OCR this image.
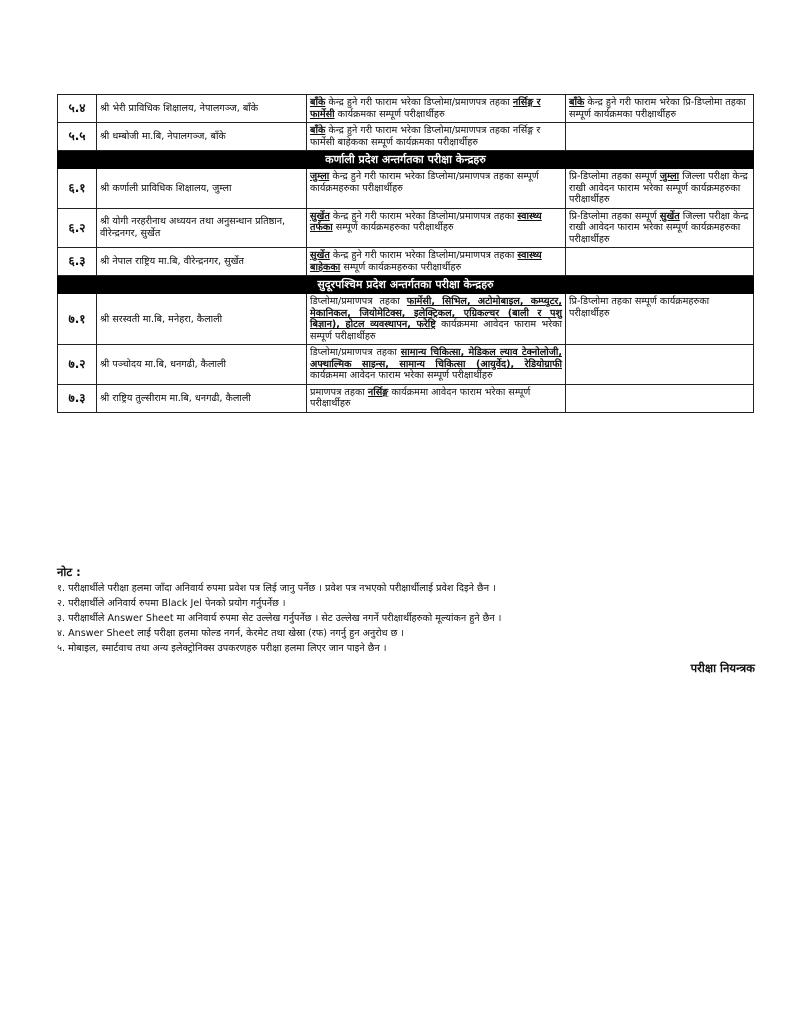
५.४	श्री भेरी प्राविधिक शिक्षालय, नेपालगञ्ज, बाँके	बाँके केन्द्र हुने गरी फाराम भरेका डिप्लोमा/प्रमाणपत्र तहका नर्सिङ्ग र फार्मेसी कार्यक्रमका सम्पूर्ण परीक्षार्थीहरु	बाँके केन्द्र हुने गरी फाराम भरेका प्रि-डिप्लोमा तहका सम्पूर्ण कार्यक्रमका परीक्षार्थीहरु
५.५	श्री धम्बोजी मा.बि, नेपालगञ्ज, बाँके	बाँके केन्द्र हुने गरी फाराम भरेका डिप्लोमा/प्रमाणपत्र तहका नर्सिङ्ग र फार्मेसी बाहेकका सम्पूर्ण कार्यक्रमका परीक्षार्थीहरु	
कर्णाली प्रदेश अन्तर्गतका परीक्षा केन्द्रहरु			
६.१	श्री कर्णाली प्राविधिक शिक्षालय, जुम्ला	जुम्ला केन्द्र हुने गरी फाराम भरेका डिप्लोमा/प्रमाणपत्र तहका सम्पूर्ण कार्यक्रमहरुका परीक्षार्थीहरु	प्रि-डिप्लोमा तहका सम्पूर्ण जुम्ला जिल्ला परीक्षा केन्द्र राखी आवेदन फाराम भरेका सम्पूर्ण कार्यक्रमहरुका परीक्षार्थीहरु
६.२	श्री योगी नरहरीनाथ अध्ययन तथा अनुसन्धान प्रतिष्ठान, वीरेन्द्रनगर, सुर्खेत	सुर्खेत केन्द्र हुने गरी फाराम भरेका डिप्लोमा/प्रमाणपत्र तहका स्वास्थ्य तर्फका सम्पूर्ण कार्यक्रमहरुका परीक्षार्थीहरु	प्रि-डिप्लोमा तहका सम्पूर्ण सुर्खेत जिल्ला परीक्षा केन्द्र राखी आवेदन फाराम भरेका सम्पूर्ण कार्यक्रमहरुका परीक्षार्थीहरु
६.३	श्री नेपाल राष्ट्रिय मा.बि, वीरेन्द्रनगर, सुर्खेत	सुर्खेत केन्द्र हुने गरी फाराम भरेका डिप्लोमा/प्रमाणपत्र तहका स्वास्थ्य बाहेकका सम्पूर्ण कार्यक्रमहरुका परीक्षार्थीहरु	
सुदूरपश्चिम प्रदेश अन्तर्गतका परीक्षा केन्द्रहरु			
७.१	श्री सरस्वती मा.बि, मनेहरा, कैलाली	डिप्लोमा/प्रमाणपत्र तहका फार्मेसी, सिभिल, अटोमोबाइल, कम्प्युटर, मेकानिकल, जियोमेटिक्स, इलेक्ट्रिकल, एग्रिकल्चर (बाली र पशु बिज्ञान), होटल व्यवस्थापन, फरेष्ट्रि कार्यक्रममा आवेदन फाराम भरेका सम्पूर्ण परीक्षार्थीहरु	प्रि-डिप्लोमा तहका सम्पूर्ण कार्यक्रमहरुका परीक्षार्थीहरु
७.२	श्री पञ्चोदय मा.बि, धनगढी, कैलाली	डिप्लोमा/प्रमाणपत्र तहका सामान्य चिकित्सा, मेडिकल ल्याव टेक्नोलोजी, अफ्थाल्मिक साइन्स, सामान्य चिकित्सा (आयुर्वेद), रेडियोग्राफी कार्यक्रममा आवेदन फाराम भरेका सम्पूर्ण परीक्षार्थीहरु	
७.३	श्री राष्ट्रिय तुल्सीराम मा.बि, धनगढी, कैलाली	प्रमाणपत्र तहका नर्सिङ्ग कार्यक्रममा आवेदन फाराम भरेका सम्पूर्ण परीक्षार्थीहरु	
नोट :
१. परीक्षार्थीले परीक्षा हलमा जाँदा अनिवार्य रुपमा प्रवेश पत्र लिई जानु पर्नेछ । प्रवेश पत्र नभएको परीक्षार्थीलाई प्रवेश दिइने छैन ।
२. परीक्षार्थीले अनिवार्य रुपमा Black Jel पेनको प्रयोग गर्नुपर्नेछ ।
३. परीक्षार्थीले Answer Sheet मा अनिवार्य रुपमा सेट उल्लेख गर्नुपर्नेछ । सेट उल्लेख नगर्ने परीक्षार्थीहरुको मूल्यांकन हुने छैन ।
४. Answer Sheet लाई परीक्षा हलमा फोल्ड नगर्न, केरमेट तथा खेस्रा (रफ) नगर्नु हुन अनुरोध छ ।
५. मोबाइल, स्मार्टवाच तथा अन्य इलेक्ट्रोनिक्स उपकरणहरु परीक्षा हलमा लिएर जान पाइने छैन ।
परीक्षा नियन्त्रक
